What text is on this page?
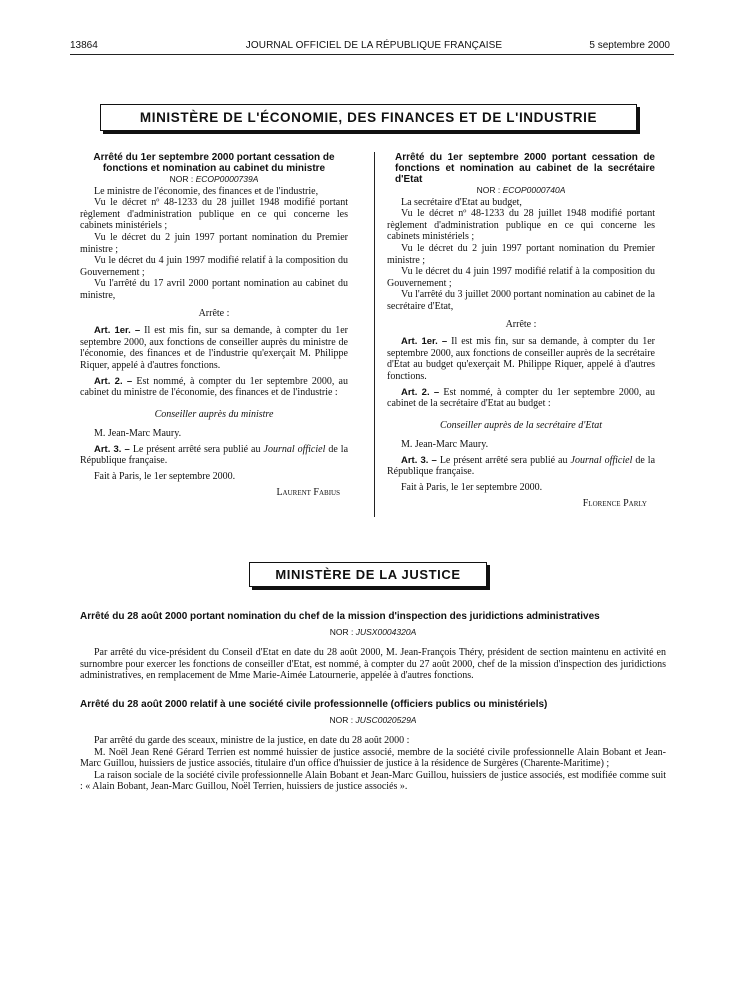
13864	JOURNAL OFFICIEL DE LA RÉPUBLIQUE FRANÇAISE	5 septembre 2000
MINISTÈRE DE L'ÉCONOMIE, DES FINANCES ET DE L'INDUSTRIE

Arrêté du 1er septembre 2000 portant cessation de fonctions et nomination au cabinet du ministre

NOR : ECOP0000739A

Le ministre de l'économie, des finances et de l'industrie,

Vu le décret nº 48-1233 du 28 juillet 1948 modifié portant règlement d'administration publique en ce qui concerne les cabinets ministériels ;

Vu le décret du 2 juin 1997 portant nomination du Premier ministre ;

Vu le décret du 4 juin 1997 modifié relatif à la composition du Gouvernement ;

Vu l'arrêté du 17 avril 2000 portant nomination au cabinet du ministre,

Arrête :

Art. 1er. – Il est mis fin, sur sa demande, à compter du 1er septembre 2000, aux fonctions de conseiller auprès du ministre de l'économie, des finances et de l'industrie qu'exerçait M. Philippe Riquer, appelé à d'autres fonctions.

Art. 2. – Est nommé, à compter du 1er septembre 2000, au cabinet du ministre de l'économie, des finances et de l'industrie :

Conseiller auprès du ministre

M. Jean-Marc Maury.

Art. 3. – Le présent arrêté sera publié au Journal officiel de la République française.

Fait à Paris, le 1er septembre 2000.

Laurent Fabius

Arrêté du 1er septembre 2000 portant cessation de fonctions et nomination au cabinet de la secrétaire d'Etat

NOR : ECOP0000740A

La secrétaire d'Etat au budget,

Vu le décret nº 48-1233 du 28 juillet 1948 modifié portant règlement d'administration publique en ce qui concerne les cabinets ministériels ;

Vu le décret du 2 juin 1997 portant nomination du Premier ministre ;

Vu le décret du 4 juin 1997 modifié relatif à la composition du Gouvernement ;

Vu l'arrêté du 3 juillet 2000 portant nomination au cabinet de la secrétaire d'Etat,

Arrête :

Art. 1er. – Il est mis fin, sur sa demande, à compter du 1er septembre 2000, aux fonctions de conseiller auprès de la secrétaire d'Etat au budget qu'exerçait M. Philippe Riquer, appelé à d'autres fonctions.

Art. 2. – Est nommé, à compter du 1er septembre 2000, au cabinet de la secrétaire d'Etat au budget :

Conseiller auprès de la secrétaire d'Etat

M. Jean-Marc Maury.

Art. 3. – Le présent arrêté sera publié au Journal officiel de la République française.

Fait à Paris, le 1er septembre 2000.

Florence Parly

MINISTÈRE DE LA JUSTICE

Arrêté du 28 août 2000 portant nomination du chef de la mission d'inspection des juridictions administratives

NOR : JUSX0004320A

Par arrêté du vice-président du Conseil d'Etat en date du 28 août 2000, M. Jean-François Théry, président de section maintenu en activité en surnombre pour exercer les fonctions de conseiller d'Etat, est nommé, à compter du 27 août 2000, chef de la mission d'inspection des juridictions administratives, en remplacement de Mme Marie-Aimée Latournerie, appelée à d'autres fonctions.

Arrêté du 28 août 2000 relatif à une société civile professionnelle (officiers publics ou ministériels)

NOR : JUSC0020529A

Par arrêté du garde des sceaux, ministre de la justice, en date du 28 août 2000 :

M. Noël Jean René Gérard Terrien est nommé huissier de justice associé, membre de la société civile professionnelle Alain Bobant et Jean-Marc Guillou, huissiers de justice associés, titulaire d'un office d'huissier de justice à la résidence de Surgères (Charente-Maritime) ;

La raison sociale de la société civile professionnelle Alain Bobant et Jean-Marc Guillou, huissiers de justice associés, est modifiée comme suit : « Alain Bobant, Jean-Marc Guillou, Noël Terrien, huissiers de justice associés ».
